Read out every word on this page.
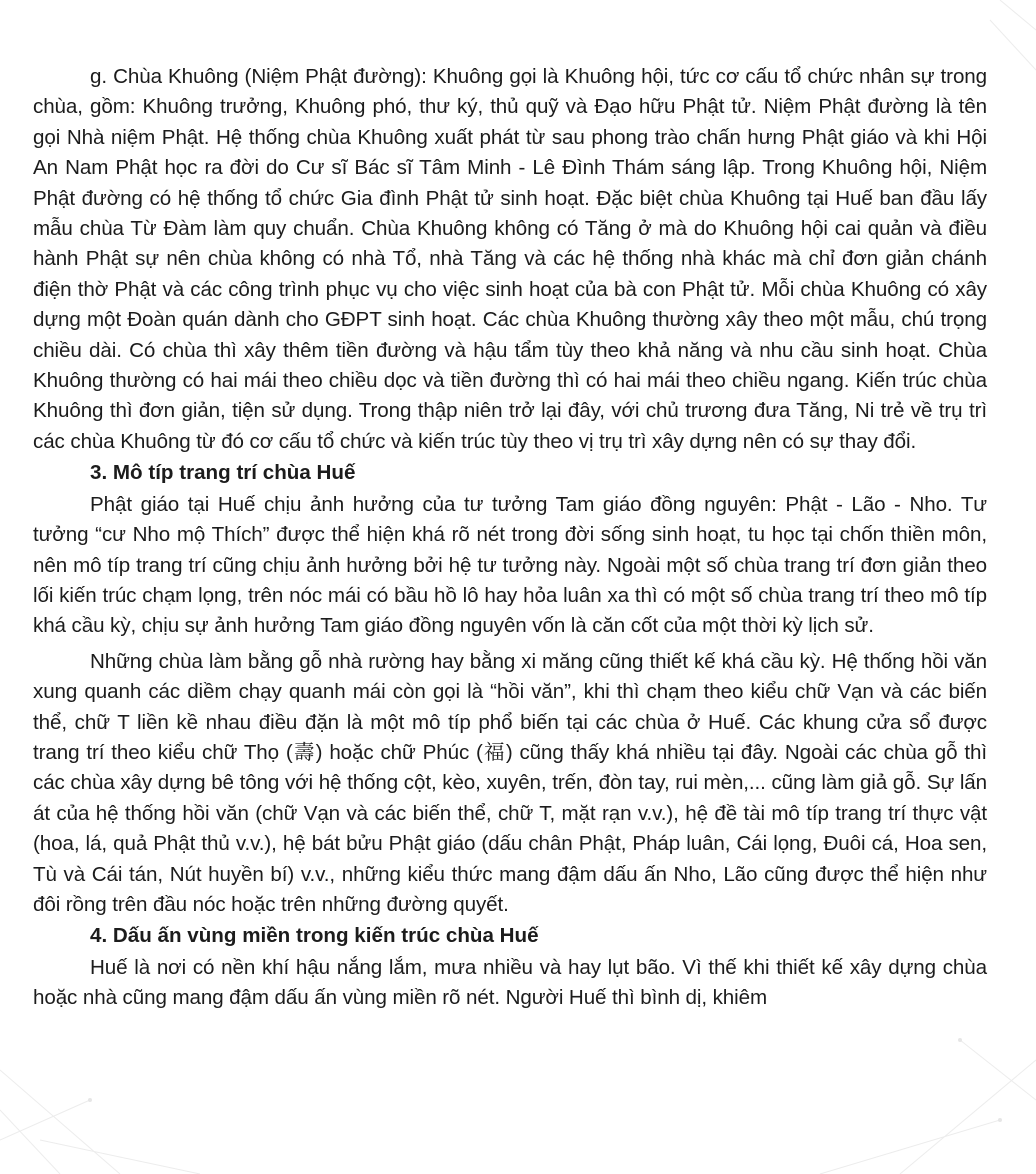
g. Chùa Khuông (Niệm Phật đường): Khuông gọi là Khuông hội, tức cơ cấu tổ chức nhân sự trong chùa, gồm: Khuông trưởng, Khuông phó, thư ký, thủ quỹ và Đạo hữu Phật tử. Niệm Phật đường là tên gọi Nhà niệm Phật. Hệ thống chùa Khuông xuất phát từ sau phong trào chấn hưng Phật giáo và khi Hội An Nam Phật học ra đời do Cư sĩ Bác sĩ Tâm Minh - Lê Đình Thám sáng lập. Trong Khuông hội, Niệm Phật đường có hệ thống tổ chức Gia đình Phật tử sinh hoạt. Đặc biệt chùa Khuông tại Huế ban đầu lấy mẫu chùa Từ Đàm làm quy chuẩn. Chùa Khuông không có Tăng ở mà do Khuông hội cai quản và điều hành Phật sự nên chùa không có nhà Tổ, nhà Tăng và các hệ thống nhà khác mà chỉ đơn giản chánh điện thờ Phật và các công trình phục vụ cho việc sinh hoạt của bà con Phật tử. Mỗi chùa Khuông có xây dựng một Đoàn quán dành cho GĐPT sinh hoạt. Các chùa Khuông thường xây theo một mẫu, chú trọng chiều dài. Có chùa thì xây thêm tiền đường và hậu tẩm tùy theo khả năng và nhu cầu sinh hoạt. Chùa Khuông thường có hai mái theo chiều dọc và tiền đường thì có hai mái theo chiều ngang. Kiến trúc chùa Khuông thì đơn giản, tiện sử dụng. Trong thập niên trở lại đây, với chủ trương đưa Tăng, Ni trẻ về trụ trì các chùa Khuông từ đó cơ cấu tổ chức và kiến trúc tùy theo vị trụ trì xây dựng nên có sự thay đổi.

3. Mô típ trang trí chùa Huế

Phật giáo tại Huế chịu ảnh hưởng của tư tưởng Tam giáo đồng nguyên: Phật - Lão - Nho. Tư tưởng “cư Nho mộ Thích” được thể hiện khá rõ nét trong đời sống sinh hoạt, tu học tại chốn thiền môn, nên mô típ trang trí cũng chịu ảnh hưởng bởi hệ tư tưởng này. Ngoài một số chùa trang trí đơn giản theo lối kiến trúc chạm lọng, trên nóc mái có bầu hồ lô hay hỏa luân xa thì có một số chùa trang trí theo mô típ khá cầu kỳ, chịu sự ảnh hưởng Tam giáo đồng nguyên vốn là căn cốt của một thời kỳ lịch sử.

Những chùa làm bằng gỗ nhà rường hay bằng xi măng cũng thiết kế khá cầu kỳ. Hệ thống hồi văn xung quanh các diềm chạy quanh mái còn gọi là “hồi văn”, khi thì chạm theo kiểu chữ Vạn và các biến thể, chữ T liền kề nhau điều đặn là một mô típ phổ biến tại các chùa ở Huế. Các khung cửa sổ được trang trí theo kiểu chữ Thọ (壽) hoặc chữ Phúc (福) cũng thấy khá nhiều tại đây. Ngoài các chùa gỗ thì các chùa xây dựng bê tông với hệ thống cột, kèo, xuyên, trến, đòn tay, rui mèn,... cũng làm giả gỗ. Sự lấn át của hệ thống hồi văn (chữ Vạn và các biến thể, chữ T, mặt rạn v.v.), hệ đề tài mô típ trang trí thực vật (hoa, lá, quả Phật thủ v.v.), hệ bát bửu Phật giáo (dấu chân Phật, Pháp luân, Cái lọng, Đuôi cá, Hoa sen, Tù và Cái tán, Nút huyền bí) v.v., những kiểu thức mang đậm dấu ấn Nho, Lão cũng được thể hiện như đôi rồng trên đầu nóc hoặc trên những đường quyết.

4. Dấu ấn vùng miền trong kiến trúc chùa Huế

Huế là nơi có nền khí hậu nắng lắm, mưa nhiều và hay lụt bão. Vì thế khi thiết kế xây dựng chùa hoặc nhà cũng mang đậm dấu ấn vùng miền rõ nét. Người Huế thì bình dị, khiêm
